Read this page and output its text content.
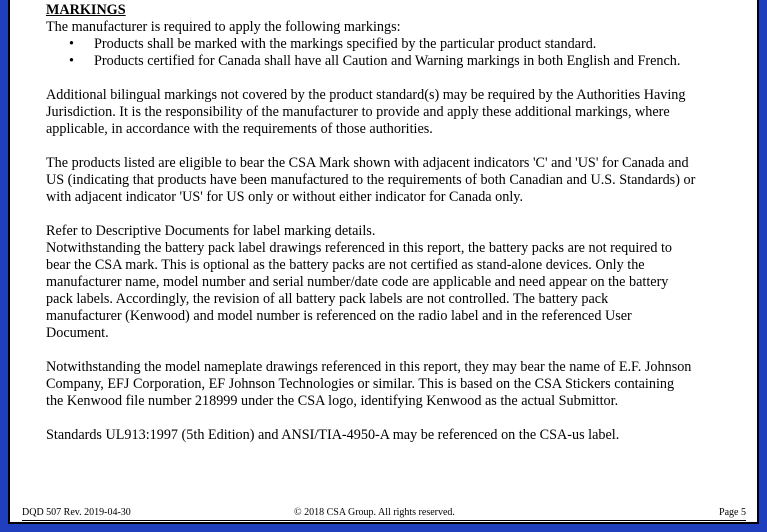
MARKINGS
The manufacturer is required to apply the following markings:
• Products shall be marked with the markings specified by the particular product standard.
• Products certified for Canada shall have all Caution and Warning markings in both English and French.
Additional bilingual markings not covered by the product standard(s) may be required by the Authorities Having
Jurisdiction. It is the responsibility of the manufacturer to provide and apply these additional markings, where
applicable, in accordance with the requirements of those authorities.
The products listed are eligible to bear the CSA Mark shown with adjacent indicators 'C' and 'US' for Canada and
US (indicating that products have been manufactured to the requirements of both Canadian and U.S. Standards) or
with adjacent indicator 'US' for US only or without either indicator for Canada only.
Refer to Descriptive Documents for label marking details.
Notwithstanding the battery pack label drawings referenced in this report, the battery packs are not required to
bear the CSA mark. This is optional as the battery packs are not certified as stand-alone devices. Only the
manufacturer name, model number and serial number/date code are applicable and need appear on the battery
pack labels. Accordingly, the revision of all battery pack labels are not controlled. The battery pack
manufacturer (Kenwood) and model number is referenced on the radio label and in the referenced User
Document.
Notwithstanding the model nameplate drawings referenced in this report, they may bear the name of E.F. Johnson
Company, EFJ Corporation, EF Johnson Technologies or similar. This is based on the CSA Stickers containing
the Kenwood file number 218999 under the CSA logo, identifying Kenwood as the actual Submittor.
Standards UL913:1997 (5th Edition) and ANSI/TIA-4950-A may be referenced on the CSA-us label.
DQD 507 Rev. 2019-04-30	© 2018 CSA Group. All rights reserved.	Page 5
